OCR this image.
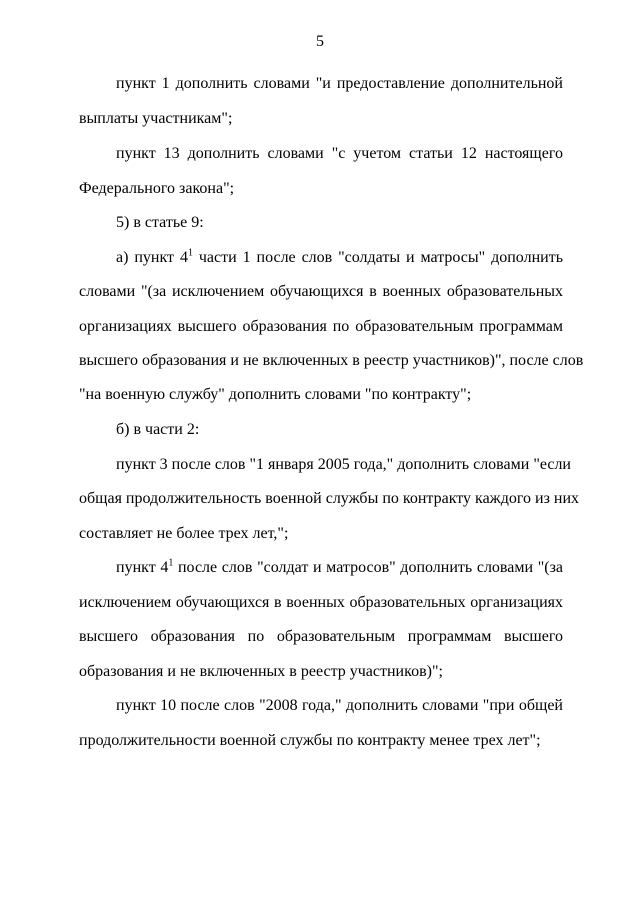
5
пункт 1 дополнить словами "и предоставление дополнительной
выплаты участникам";
пункт 13 дополнить словами "с учетом статьи 12 настоящего
Федерального закона";
5) в статье 9:
а) пункт $4^1$ части 1 после слов "солдаты и матросы" дополнить
словами "(за исключением обучающихся в военных образовательных
организациях высшего образования по образовательным программам
высшего образования и не включенных в реестр участников)", после слов
"на военную службу" дополнить словами "по контракту";
б) в части 2:
пункт 3 после слов "1 января 2005 года," дополнить словами "если
общая продолжительность военной службы по контракту каждого из них
составляет не более трех лет,";
пункт $4^1$ после слов "солдат и матросов" дополнить словами "(за
исключением обучающихся в военных образовательных организациях
высшего образования по образовательным программам высшего
образования и не включенных в реестр участников)";
пункт 10 после слов "2008 года," дополнить словами "при общей
продолжительности военной службы по контракту менее трех лет";
